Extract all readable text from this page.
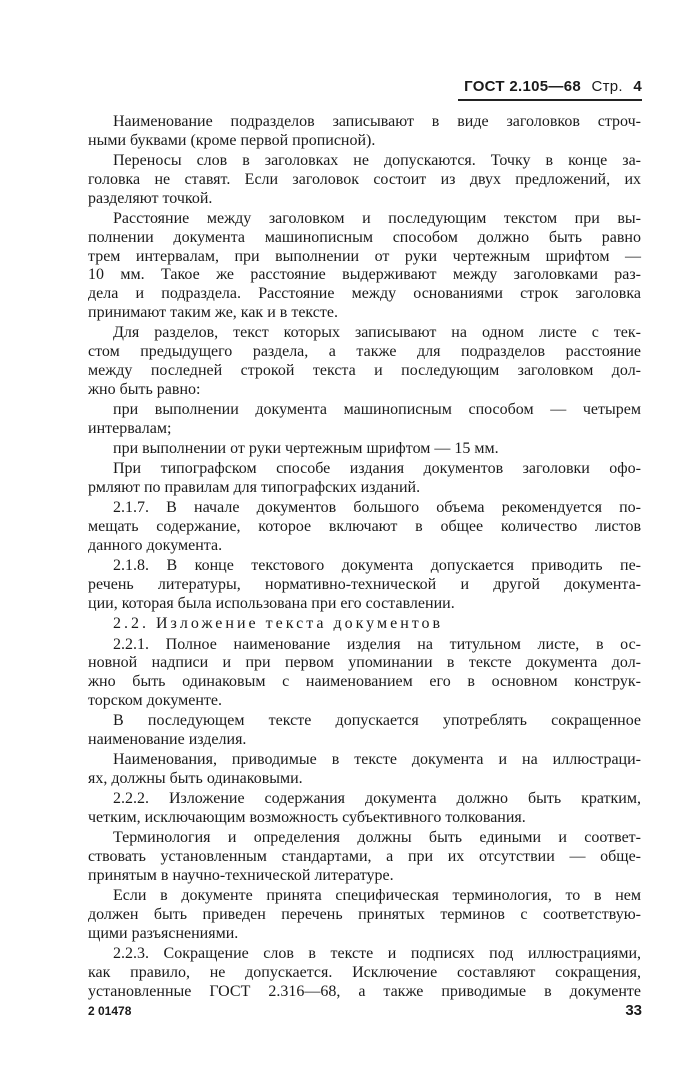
ГОСТ 2.105—68 Стр. 4
Наименование подразделов записывают в виде заголовков строч-
ными буквами (кроме первой прописной).
Переносы слов в заголовках не допускаются. Точку в конце за-
головка не ставят. Если заголовок состоит из двух предложений, их
разделяют точкой.
Расстояние между заголовком и последующим текстом при вы-
полнении документа машинописным способом должно быть равно
трем интервалам, при выполнении от руки чертежным шрифтом —
10 мм. Такое же расстояние выдерживают между заголовками раз-
дела и подраздела. Расстояние между основаниями строк заголовка
принимают таким же, как и в тексте.
Для разделов, текст которых записывают на одном листе с тек-
стом предыдущего раздела, а также для подразделов расстояние
между последней строкой текста и последующим заголовком дол-
жно быть равно:
при выполнении документа машинописным способом — четырем
интервалам;
при выполнении от руки чертежным шрифтом — 15 мм.
При типографском способе издания документов заголовки офо-
рмляют по правилам для типографских изданий.
2.1.7. В начале документов большого объема рекомендуется по-
мещать содержание, которое включают в общее количество листов
данного документа.
2.1.8. В конце текстового документа допускается приводить пе-
речень литературы, нормативно-технической и другой документа-
ции, которая была использована при его составлении.
2.2. Изложение текста документов
2.2.1. Полное наименование изделия на титульном листе, в ос-
новной надписи и при первом упоминании в тексте документа дол-
жно быть одинаковым с наименованием его в основном конструк-
торском документе.
В последующем тексте допускается употреблять сокращенное
наименование изделия.
Наименования, приводимые в тексте документа и на иллюстраци-
ях, должны быть одинаковыми.
2.2.2. Изложение содержания документа должно быть кратким,
четким, исключающим возможность субъективного толкования.
Терминология и определения должны быть едиными и соответ-
ствовать установленным стандартами, а при их отсутствии — обще-
принятым в научно-технической литературе.
Если в документе принята специфическая терминология, то в нем
должен быть приведен перечень принятых терминов с соответствую-
щими разъяснениями.
2.2.3. Сокращение слов в тексте и подписях под иллюстрациями,
как правило, не допускается. Исключение составляют сокращения,
установленные ГОСТ 2.316—68, а также приводимые в документе
2 01478	33
